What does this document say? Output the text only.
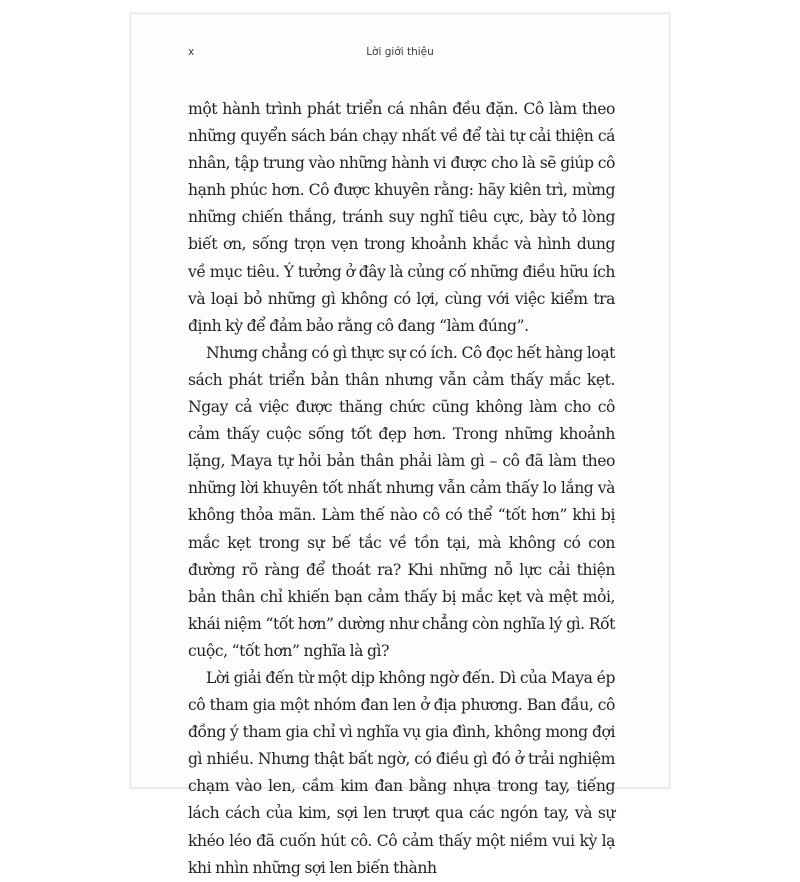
x	Lời giới thiệu

một hành trình phát triển cá nhân đều đặn. Cô làm theo những quyển sách bán chạy nhất về để tài tự cải thiện cá nhân, tập trung vào những hành vi được cho là sẽ giúp cô hạnh phúc hơn. Cô được khuyên rằng: hãy kiên trì, mừng những chiến thắng, tránh suy nghĩ tiêu cực, bày tỏ lòng biết ơn, sống trọn vẹn trong khoảnh khắc và hình dung về mục tiêu. Ý tưởng ở đây là củng cố những điều hữu ích và loại bỏ những gì không có lợi, cùng với việc kiểm tra định kỳ để đảm bảo rằng cô đang “làm đúng”.

Nhưng chẳng có gì thực sự có ích. Cô đọc hết hàng loạt sách phát triển bản thân nhưng vẫn cảm thấy mắc kẹt. Ngay cả việc được thăng chức cũng không làm cho cô cảm thấy cuộc sống tốt đẹp hơn. Trong những khoảnh lặng, Maya tự hỏi bản thân phải làm gì – cô đã làm theo những lời khuyên tốt nhất nhưng vẫn cảm thấy lo lắng và không thỏa mãn. Làm thế nào cô có thể “tốt hơn” khi bị mắc kẹt trong sự bế tắc về tồn tại, mà không có con đường rõ ràng để thoát ra? Khi những nỗ lực cải thiện bản thân chỉ khiến bạn cảm thấy bị mắc kẹt và mệt mỏi, khái niệm “tốt hơn” dường như chẳng còn nghĩa lý gì. Rốt cuộc, “tốt hơn” nghĩa là gì?

Lời giải đến từ một dịp không ngờ đến. Dì của Maya ép cô tham gia một nhóm đan len ở địa phương. Ban đầu, cô đồng ý tham gia chỉ vì nghĩa vụ gia đình, không mong đợi gì nhiều. Nhưng thật bất ngờ, có điều gì đó ở trải nghiệm chạm vào len, cầm kim đan bằng nhựa trong tay, tiếng lách cách của kim, sợi len trượt qua các ngón tay, và sự khéo léo đã cuốn hút cô. Cô cảm thấy một niềm vui kỳ lạ khi nhìn những sợi len biến thành
